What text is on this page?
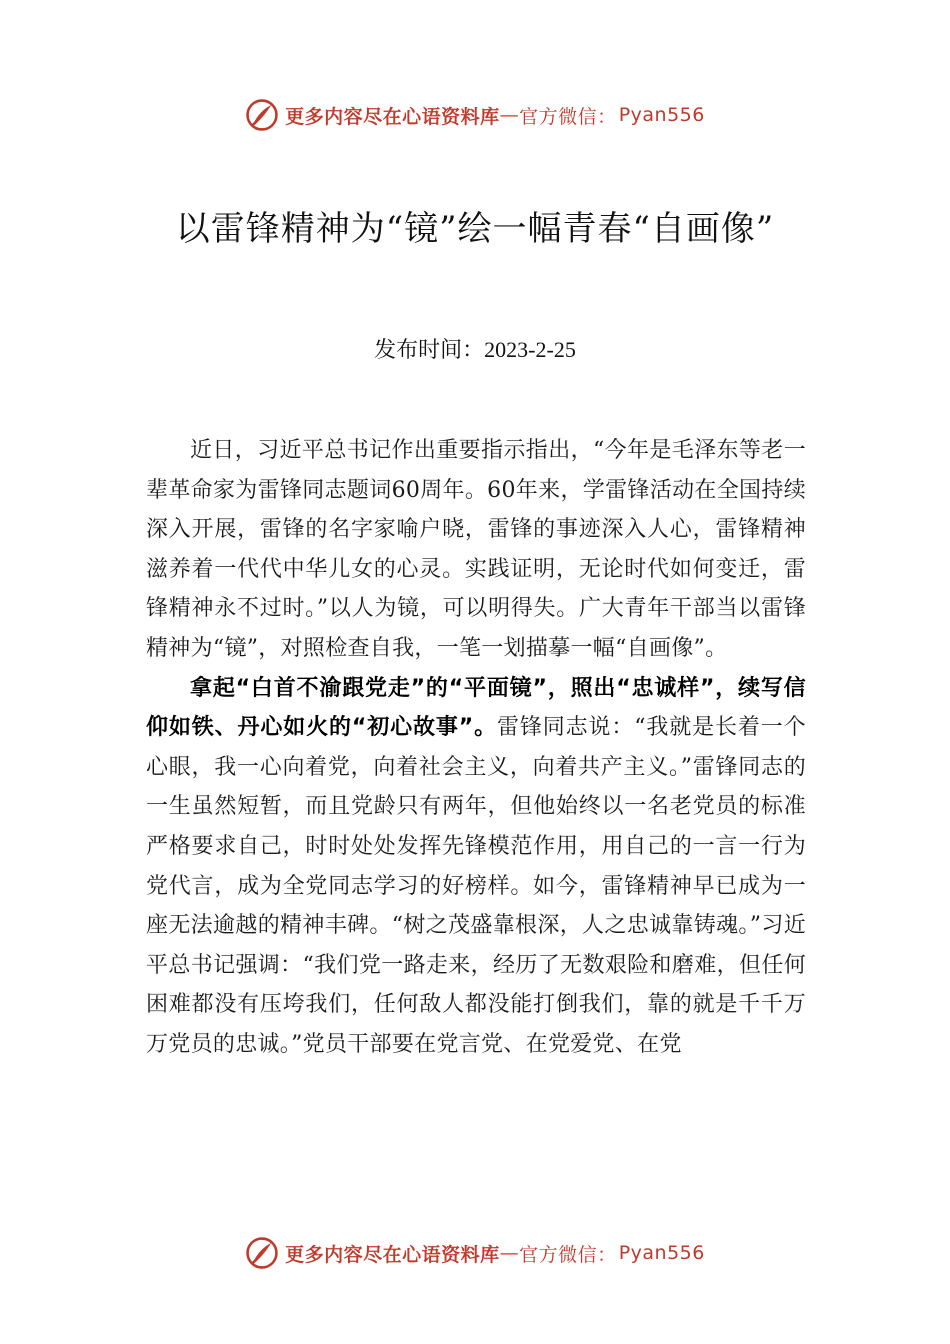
更多内容尽在心语资料库 — 官方微信： Pyan556
以雷锋精神为“镜”绘一幅青春“自画像”
发布时间：2023-2-25

近日，习近平总书记作出重要指示指出，“今年是毛泽东等老一辈革命家为雷锋同志题词60周年。60年来，学雷锋活动在全国持续深入开展，雷锋的名字家喻户晓，雷锋的事迹深入人心，雷锋精神滋养着一代代中华儿女的心灵。实践证明，无论时代如何变迁，雷锋精神永不过时。”以人为镜，可以明得失。广大青年干部当以雷锋精神为“镜”，对照检查自我，一笔一划描摹一幅“自画像”。

拿起“白首不渝跟党走”的“平面镜”，照出“忠诚样”，续写信仰如铁、丹心如火的“初心故事”。雷锋同志说：“我就是长着一个心眼，我一心向着党，向着社会主义，向着共产主义。”雷锋同志的一生虽然短暂，而且党龄只有两年，但他始终以一名老党员的标准严格要求自己，时时处处发挥先锋模范作用，用自己的一言一行为党代言，成为全党同志学习的好榜样。如今，雷锋精神早已成为一座无法逾越的精神丰碑。“树之茂盛靠根深，人之忠诚靠铸魂。”习近平总书记强调：“我们党一路走来，经历了无数艰险和磨难，但任何困难都没有压垮我们，任何敌人都没能打倒我们，靠的就是千千万万党员的忠诚。”党员干部要在党言党、在党爱党、在党

更多内容尽在心语资料库 — 官方微信： Pyan556
